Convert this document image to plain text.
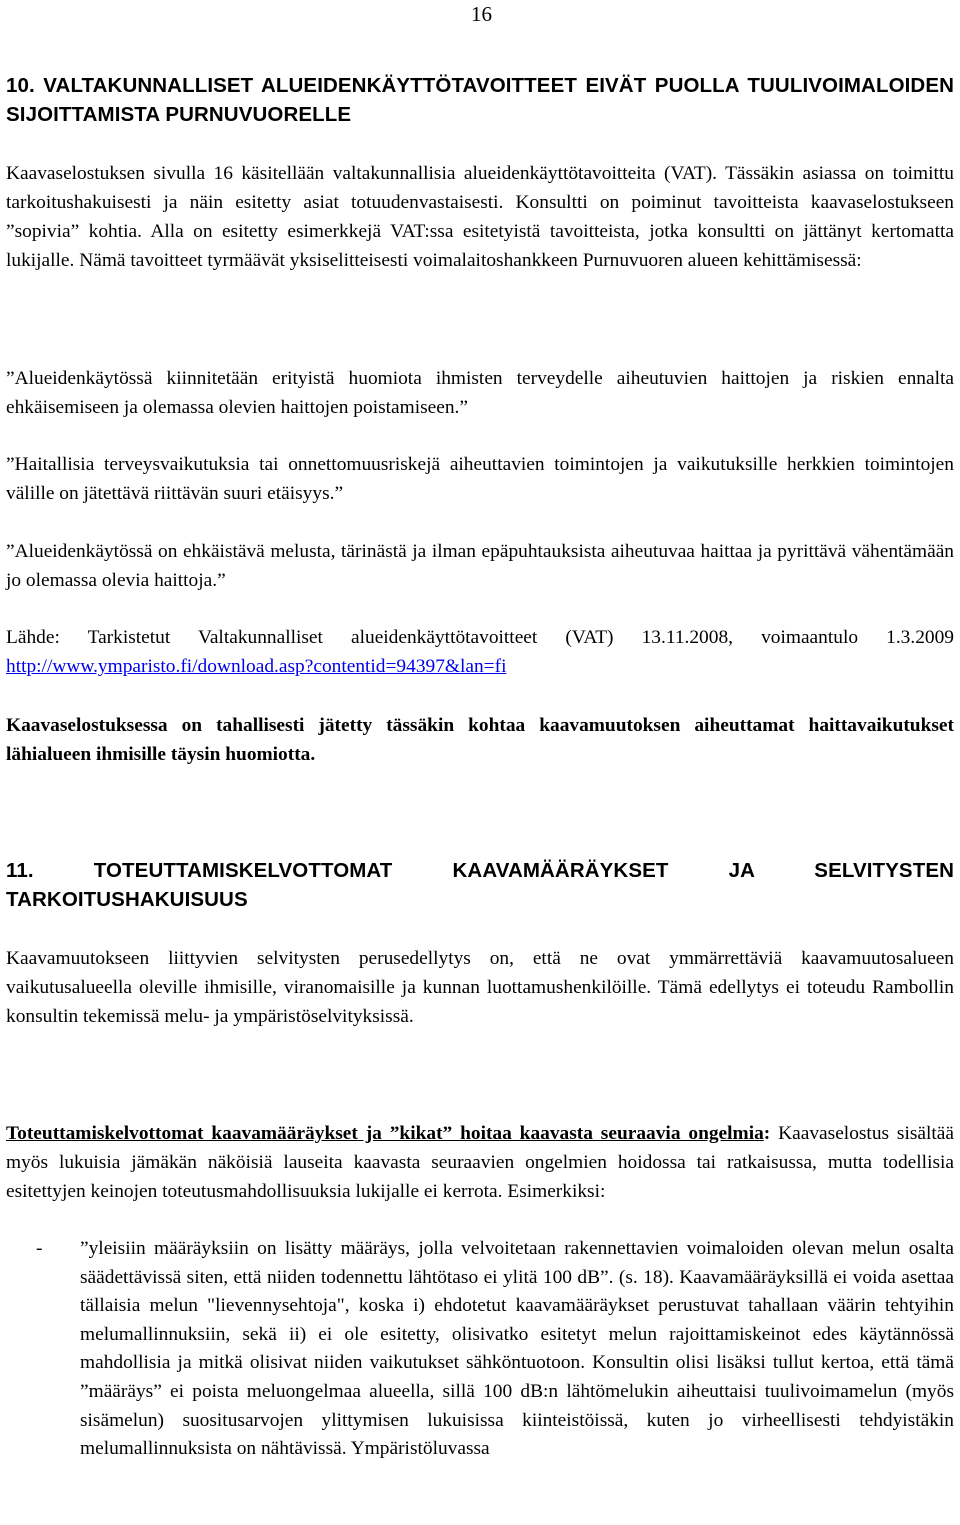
16
10. VALTAKUNNALLISET ALUEIDENKÄYTTÖTAVOITTEET EIVÄT PUOLLA TUULIVOIMALOIDEN SIJOITTAMISTA PURNUVUORELLE
Kaavaselostuksen sivulla 16 käsitellään valtakunnallisia alueidenkäyttötavoitteita (VAT). Tässäkin asiassa on toimittu tarkoitushakuisesti ja näin esitetty asiat totuudenvastaisesti. Konsultti on poiminut tavoitteista kaavaselostukseen ”sopivia” kohtia. Alla on esitetty esimerkkejä VAT:ssa esitetyistä tavoitteista, jotka konsultti on jättänyt kertomatta lukijalle. Nämä tavoitteet tyrmäävät yksiselitteisesti voimalaitoshankkeen Purnuvuoren alueen kehittämisessä:
”Alueidenkäytössä kiinnitetään erityistä huomiota ihmisten terveydelle aiheutuvien haittojen ja riskien ennalta ehkäisemiseen ja olemassa olevien haittojen poistamiseen.”
”Haitallisia terveysvaikutuksia tai onnettomuusriskejä aiheuttavien toimintojen ja vaikutuksille herkkien toimintojen välille on jätettävä riittävän suuri etäisyys.”
”Alueidenkäytössä on ehkäistävä melusta, tärinästä ja ilman epäpuhtauksista aiheutuvaa haittaa ja pyrittävä vähentämään jo olemassa olevia haittoja.”
Lähde: Tarkistetut Valtakunnalliset alueidenkäyttötavoitteet (VAT) 13.11.2008, voimaantulo 1.3.2009 http://www.ymparisto.fi/download.asp?contentid=94397&lan=fi
Kaavaselostuksessa on tahallisesti jätetty tässäkin kohtaa kaavamuutoksen aiheuttamat haittavaikutukset lähialueen ihmisille täysin huomiotta.
11. TOTEUTTAMISKELVOTTOMAT KAAVAMÄÄRÄYKSET JA SELVITYSTEN TARKOITUSHAKUISUUS
Kaavamuutokseen liittyvien selvitysten perusedellytys on, että ne ovat ymmärrettäviä kaavamuutosalueen vaikutusalueella oleville ihmisille, viranomaisille ja kunnan luottamushenkilöille. Tämä edellytys ei toteudu Rambollin konsultin tekemissä melu- ja ympäristöselvityksissä.
Toteuttamiskelvottomat kaavamääräykset ja ”kikat” hoitaa kaavasta seuraavia ongelmia: Kaavaselostus sisältää myös lukuisia jämäkän näköisiä lauseita kaavasta seuraavien ongelmien hoidossa tai ratkaisussa, mutta todellisia esitettyjen keinojen toteutusmahdollisuuksia lukijalle ei kerrota. Esimerkiksi:
- ”yleisiin määräyksiin on lisätty määräys, jolla velvoitetaan rakennettavien voimaloiden olevan melun osalta säädettävissä siten, että niiden todennettu lähtötaso ei ylitä 100 dB”. (s. 18). Kaavamääräyksillä ei voida asettaa tällaisia melun "lievennysehtoja", koska i) ehdotetut kaavamääräykset perustuvat tahallaan väärin tehtyihin melumallinnuksiin, sekä ii) ei ole esitetty, olisivatko esitetyt melun rajoittamiskeinot edes käytännössä mahdollisia ja mitkä olisivat niiden vaikutukset sähköntuotoon. Konsultin olisi lisäksi tullut kertoa, että tämä ”määräys” ei poista meluongelmaa alueella, sillä 100 dB:n lähtömelukin aiheuttaisi tuulivoimamelun (myös sisämelun) suositusarvojen ylittymisen lukuisissa kiinteistöissä, kuten jo virheellisesti tehdyistäkin melumallinnuksista on nähtävissä. Ympäristöluvassa
